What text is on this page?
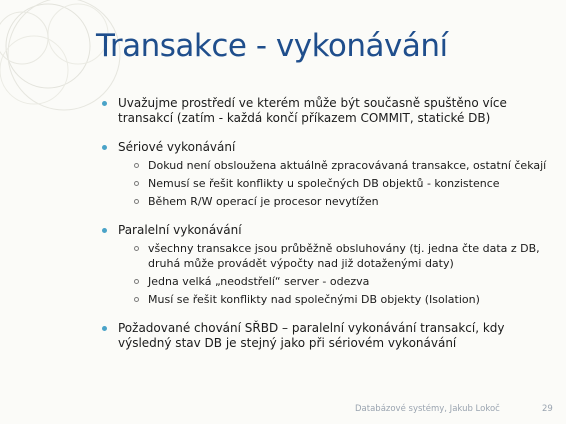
Transakce - vykonávání
Uvažujme prostředí ve kterém může být současně spuštěno více transakcí (zatím - každá končí příkazem COMMIT, statické DB)
Sériové vykonávání
Dokud není obsloužena aktuálně zpracovávaná transakce, ostatní čekají
Nemusí se řešit konflikty u společných DB objektů - konzistence
Během R/W operací je procesor nevytížen
Paralelní vykonávání
všechny transakce jsou průběžně obsluhovány (tj. jedna čte data z DB, druhá může provádět výpočty nad již dotaženými daty)
Jedna velká „neodstřelí“ server - odezva
Musí se řešit konflikty nad společnými DB objekty (Isolation)
Požadované chování SŘBD – paralelní vykonávání transakcí, kdy výsledný stav DB je stejný jako při sériovém vykonávání
Databázové systémy, Jakub Lokoč	29
